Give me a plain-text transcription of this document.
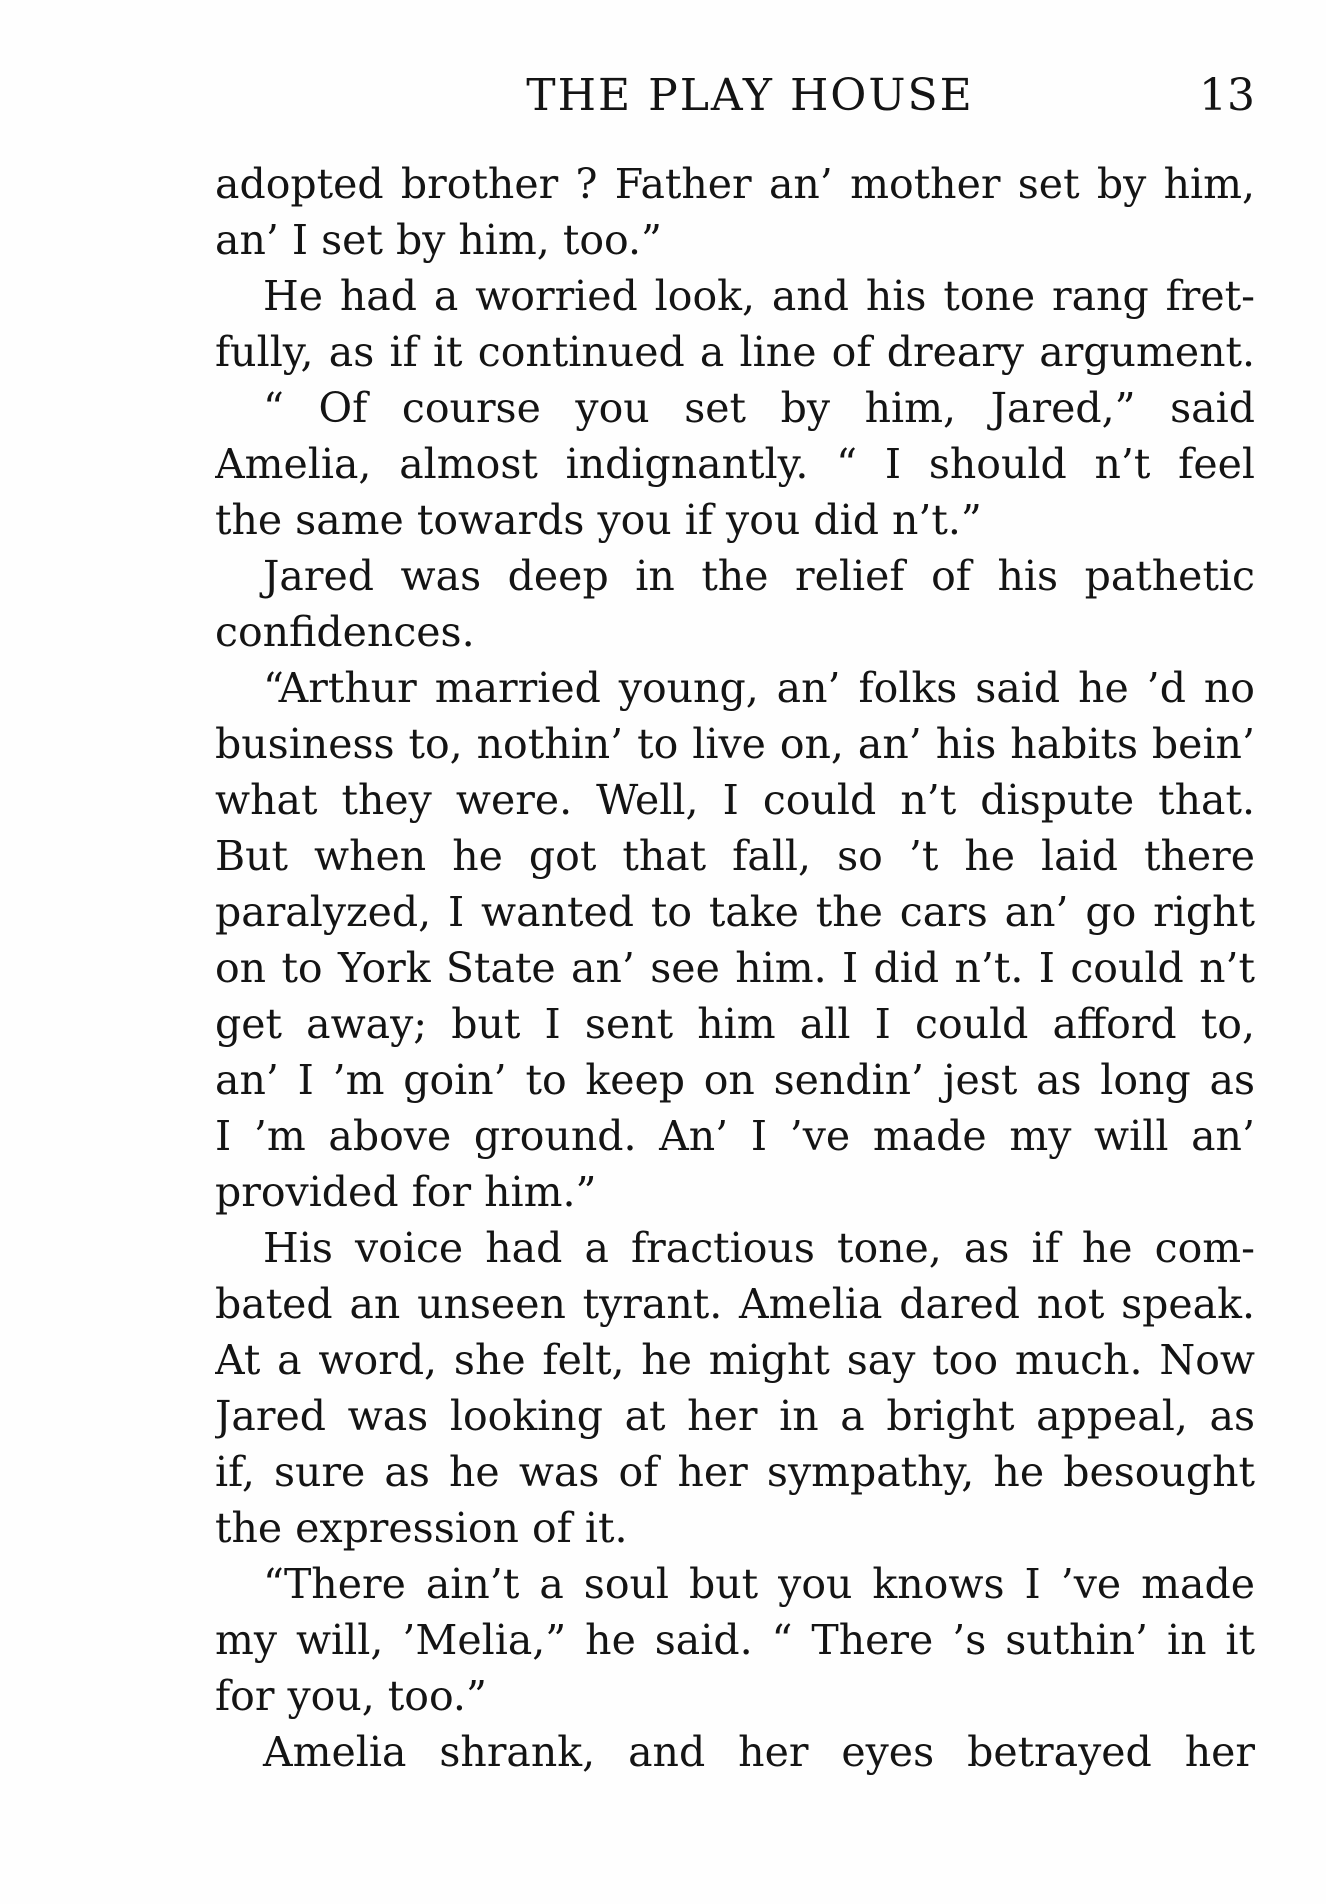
THE PLAY HOUSE	13
adopted brother ? Father an’ mother set by him,
an’ I set by him, too.”
He had a worried look, and his tone rang fret-
fully, as if it continued a line of dreary argument.
“ Of course you set by him, Jared,” said
Amelia, almost indignantly. “ I should n’t feel
the same towards you if you did n’t.”
Jared was deep in the relief of his pathetic
confidences.
“Arthur married young, an’ folks said he ’d no
business to, nothin’ to live on, an’ his habits bein’
what they were. Well, I could n’t dispute that.
But when he got that fall, so ’t he laid there
paralyzed, I wanted to take the cars an’ go right
on to York State an’ see him. I did n’t. I could n’t
get away; but I sent him all I could afford to,
an’ I ’m goin’ to keep on sendin’ jest as long as
I ’m above ground. An’ I ’ve made my will an’
provided for him.”
His voice had a fractious tone, as if he com-
bated an unseen tyrant. Amelia dared not speak.
At a word, she felt, he might say too much. Now
Jared was looking at her in a bright appeal, as
if, sure as he was of her sympathy, he besought
the expression of it.
“There ain’t a soul but you knows I ’ve made
my will, ’Melia,” he said. “ There ’s suthin’ in it
for you, too.”
Amelia shrank, and her eyes betrayed her
